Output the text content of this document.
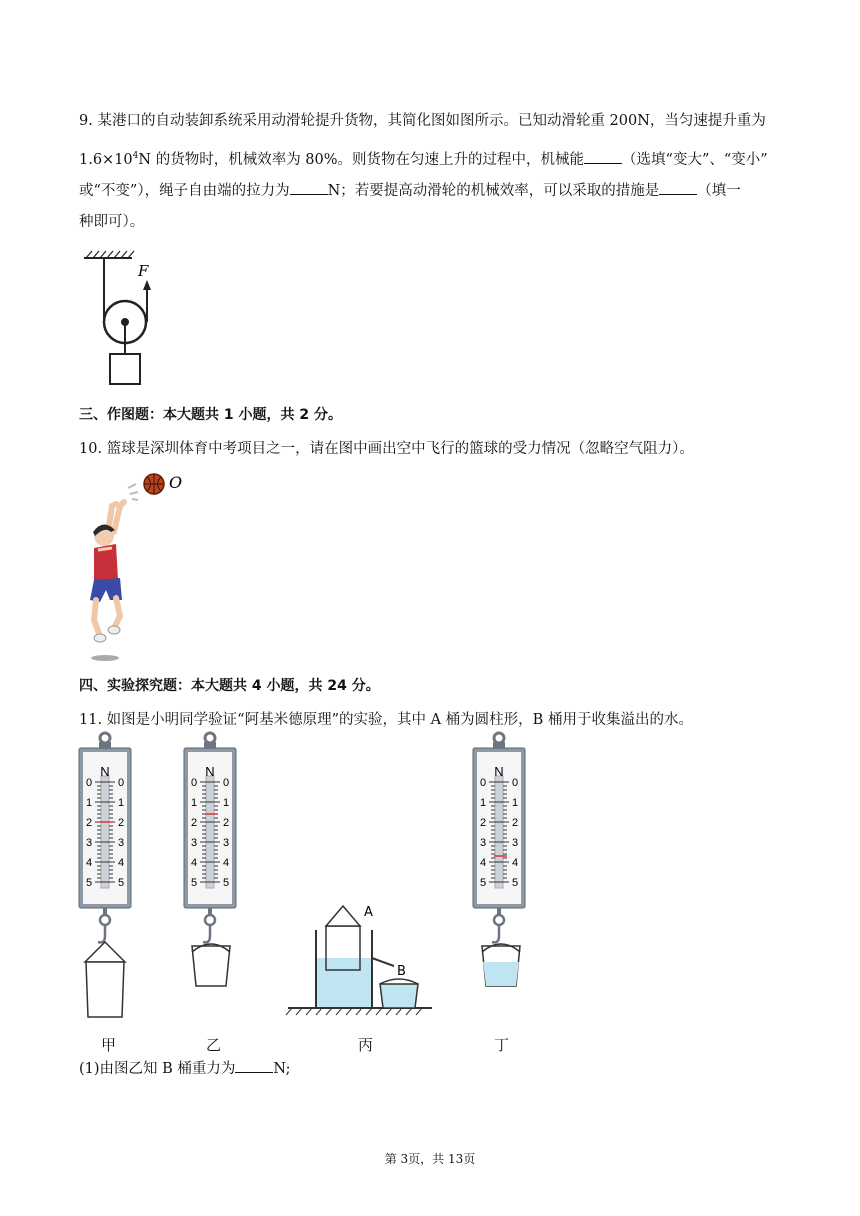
9. 某港口的自动装卸系统采用动滑轮提升货物，其简化图如图所示。已知动滑轮重 200N，当匀速提升重为
$1.6\times 10^4N$ 的货物时，机械效率为 80%。则货物在匀速上升的过程中，机械能	（选填“变大”、“变小”
或“不变”），绳子自由端的拉力为	N；若要提高动滑轮的机械效率，可以采取的措施是	（填一
种即可）。
F
三、作图题：本大题共 1 小题，共 2 分。
10. 篮球是深圳体育中考项目之一，请在图中画出空中飞行的篮球的受力情况（忽略空气阻力）。
O
四、实验探究题：本大题共 4 小题，共 24 分。
11. 如图是小明同学验证“阿基米德原理”的实验，其中 A 桶为圆柱形，B 桶用于收集溢出的水。
N	N
A
B
N
0 0
1 1
2 2
3 3
4 4
5 5
0 0
1 1
2 2
3 3
4 4
5 5
0 0
1 1
2 2
3 3
4 4
5 5
甲	乙	丙	丁
(1)由图乙知 B 桶重力为	N;
第 3页，共 13页
